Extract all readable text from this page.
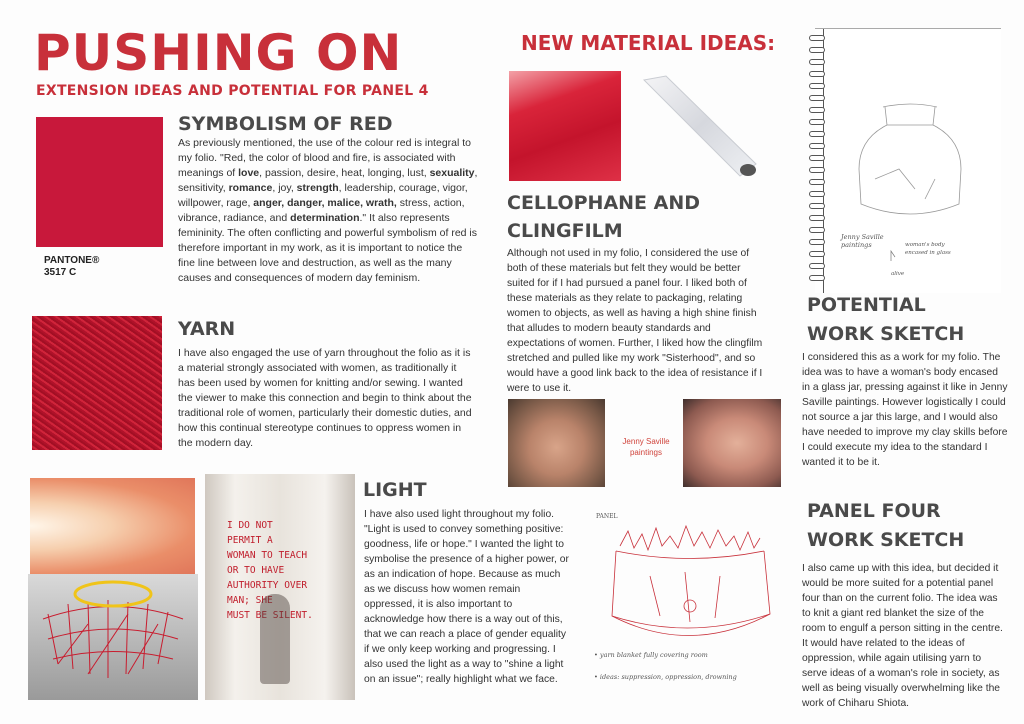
PUSHING ON
EXTENSION IDEAS AND POTENTIAL FOR PANEL 4
PANTONE®
3517 C
SYMBOLISM OF RED
As previously mentioned, the use of the colour red is integral to my folio. "Red, the color of blood and fire, is associated with meanings of love, passion, desire, heat, longing, lust, sexuality, sensitivity, romance, joy, strength, leadership, courage, vigor, willpower, rage, anger, danger, malice, wrath, stress, action, vibrance, radiance, and determination." It also represents femininity. The often conflicting and powerful symbolism of red is therefore important in my work, as it is important to notice the fine line between love and destruction, as well as the many causes and consequences of modern day feminism.
YARN
I have also engaged the use of yarn throughout the folio as it is a material strongly associated with women, as traditionally it has been used by women for knitting and/or sewing. I wanted the viewer to make this connection and begin to think about the traditional role of women, particularly their domestic duties, and how this continual stereotype continues to oppress women in the modern day.
I DO NOT
PERMIT A
WOMAN TO TEACH
OR TO HAVE
AUTHORITY OVER
MAN; SHE
MUST BE SILENT.
LIGHT
I have also used light throughout my folio. "Light is used to convey something positive: goodness, life or hope." I wanted the light to symbolise the presence of a higher power, or as an indication of hope. Because as much as we discuss how women remain oppressed, it is also important to acknowledge how there is a way out of this, that we can reach a place of gender equality if we only keep working and progressing. I also used the light as a way to "shine a light on an issue"; really highlight what we face.
NEW MATERIAL IDEAS:
CELLOPHANE AND
CLINGFILM
Although not used in my folio, I considered the use of both of these materials but felt they would be better suited for if I had pursued a panel four. I liked both of these materials as they relate to packaging, relating women to objects, as well as having a high shine finish that alludes to modern beauty standards and expectations of women. Further, I liked how the clingfilm stretched and pulled like my work "Sisterhood", and so would have a good link back to the idea of resistance if I were to use it.
Jenny Saville paintings
PANEL
• yarn blanket fully covering room
• ideas: suppression, oppression, drowning
Jenny Saville paintings	woman's body encased in glass
alive
POTENTIAL
WORK SKETCH
I considered this as a work for my folio. The idea was to have a woman's body encased in a glass jar, pressing against it like in Jenny Saville paintings. However logistically I could not source a jar this large, and I would also have needed to improve my clay skills before I could execute my idea to the standard I wanted it to be it.
PANEL FOUR
WORK SKETCH
I also came up with this idea, but decided it would be more suited for a potential panel four than on the current folio. The idea was to knit a giant red blanket the size of the room to engulf a person sitting in the centre. It would have related to the ideas of oppression, while again utilising yarn to serve ideas of a woman's role in society, as well as being visually overwhelming like the work of Chiharu Shiota.
